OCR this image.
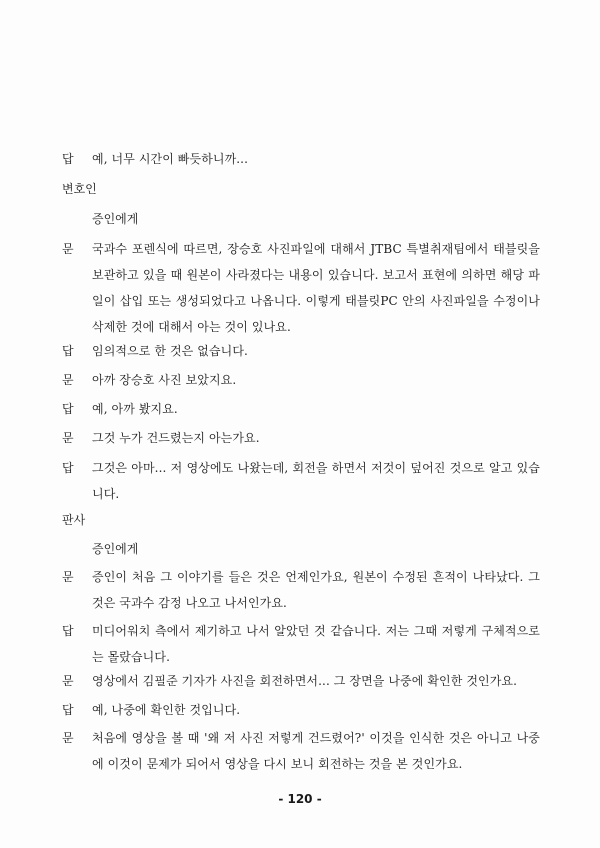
답 예, 너무 시간이 빠듯하니까...
변호인
증인에게
문 국과수 포렌식에 따르면, 장승호 사진파일에 대해서 JTBC 특별취재팀에서 태블릿을 보관하고 있을 때 원본이 사라졌다는 내용이 있습니다. 보고서 표현에 의하면 해당 파일이 삽입 또는 생성되었다고 나옵니다. 이렇게 태블릿PC 안의 사진파일을 수정이나 삭제한 것에 대해서 아는 것이 있나요.
답 임의적으로 한 것은 없습니다.
문 아까 장승호 사진 보았지요.
답 예, 아까 봤지요.
문 그것 누가 건드렸는지 아는가요.
답 그것은 아마... 저 영상에도 나왔는데, 회전을 하면서 저것이 덮어진 것으로 알고 있습니다.
판사
증인에게
문 증인이 처음 그 이야기를 들은 것은 언제인가요, 원본이 수정된 흔적이 나타났다. 그것은 국과수 감정 나오고 나서인가요.
답 미디어워치 측에서 제기하고 나서 알았던 것 같습니다. 저는 그때 저렇게 구체적으로는 몰랐습니다.
문 영상에서 김필준 기자가 사진을 회전하면서... 그 장면을 나중에 확인한 것인가요.
답 예, 나중에 확인한 것입니다.
문 처음에 영상을 볼 때 '왜 저 사진 저렇게 건드렸어?' 이것을 인식한 것은 아니고 나중에 이것이 문제가 되어서 영상을 다시 보니 회전하는 것을 본 것인가요.
- 120 -
